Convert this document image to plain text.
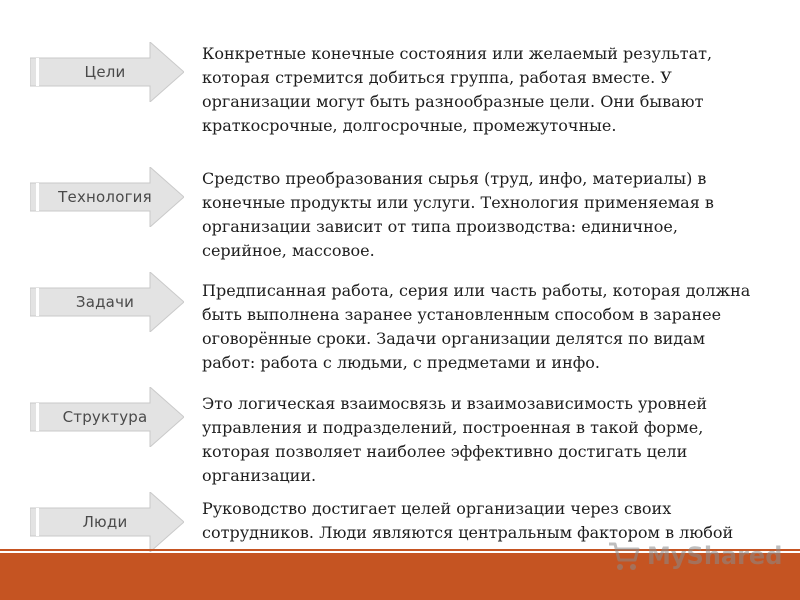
Цели
Конкретные конечные состояния или желаемый результат, которая стремится добиться группа, работая вместе. У организации могут быть разнообразные цели. Они бывают краткосрочные, долгосрочные, промежуточные.
Технология
Средство преобразования сырья (труд, инфо, материалы) в конечные продукты или услуги. Технология применяемая в организации зависит от типа производства: единичное, серийное, массовое.
Задачи
Предписанная работа, серия или часть работы, которая должна быть выполнена заранее установленным способом в заранее оговорённые сроки. Задачи организации делятся по видам работ: работа с людьми, с предметами и инфо.
Структура
Это логическая взаимосвязь и взаимозависимость уровней управления и подразделений, построенная в такой форме, которая позволяет наиболее эффективно достигать цели организации.
Люди
Руководство достигает целей организации через своих сотрудников. Люди являются центральным фактором в любой
MyShared
